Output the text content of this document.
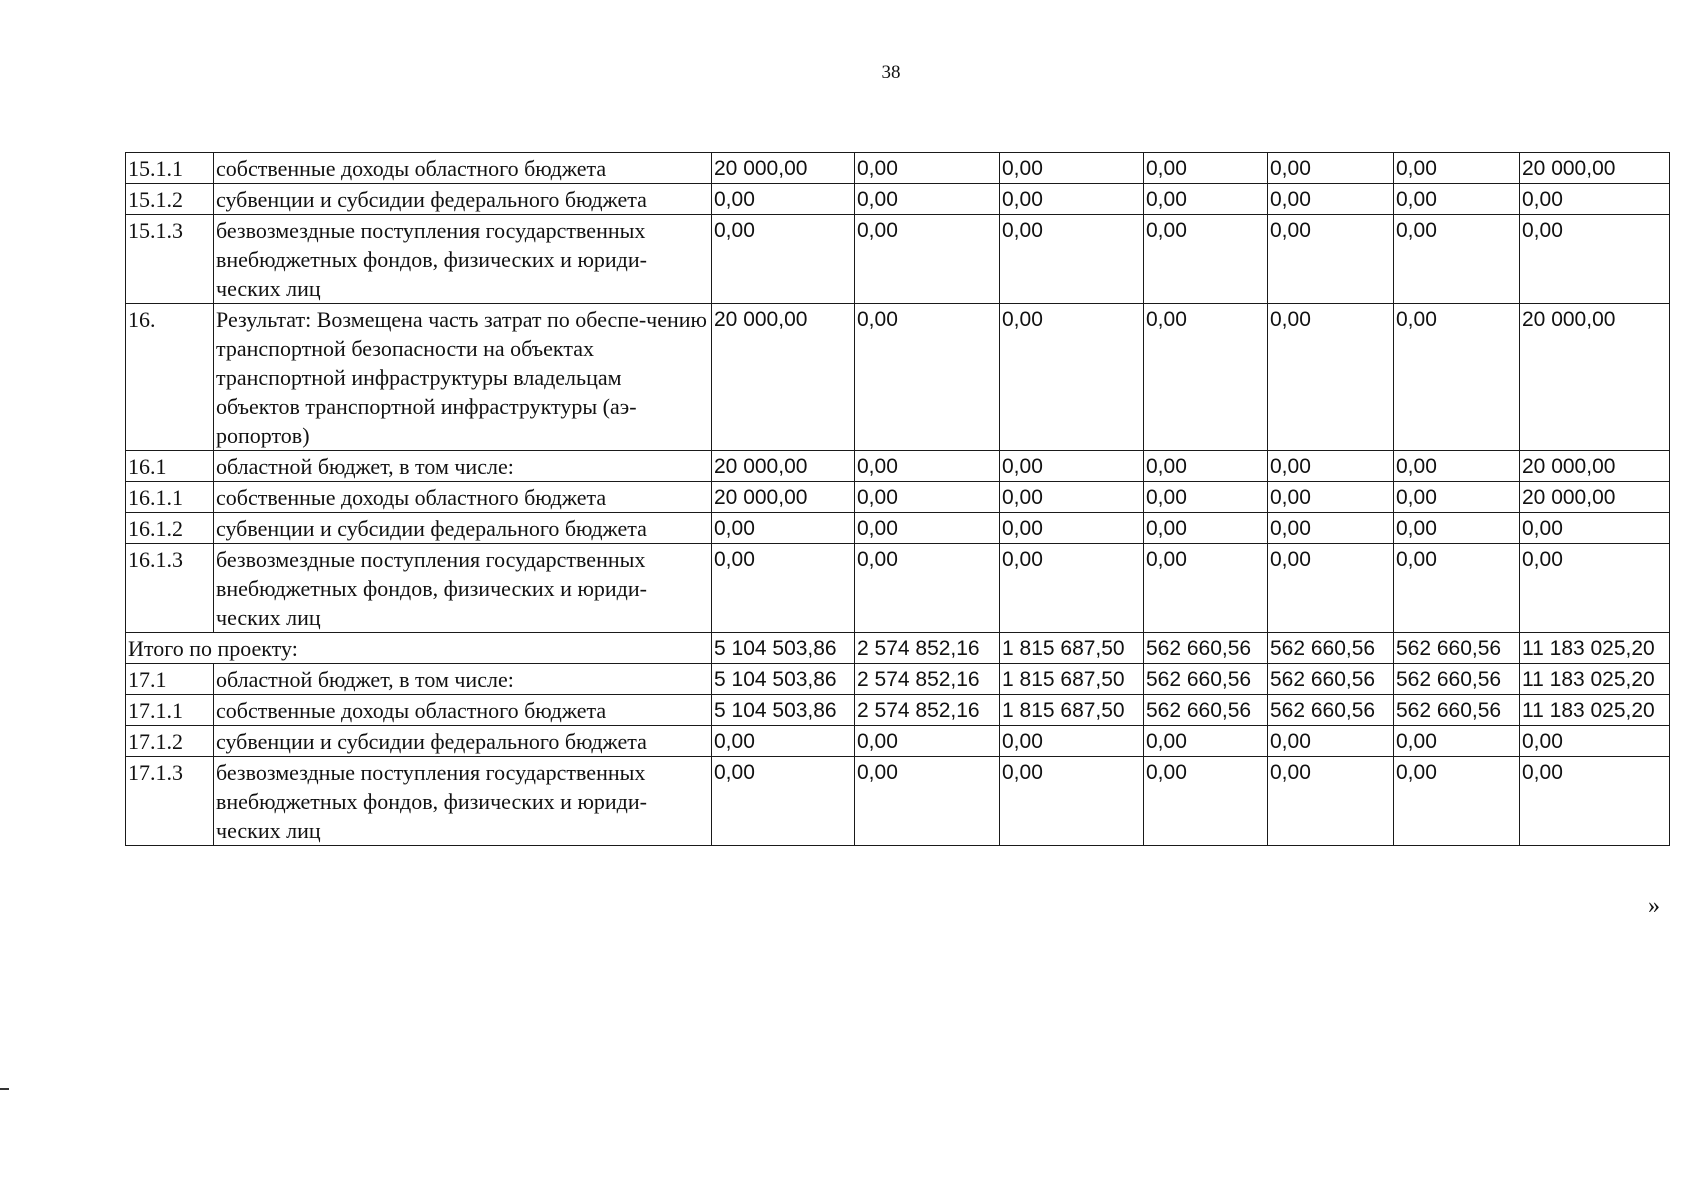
38
15.1.1	собственные доходы областного бюджета	20 000,00	0,00	0,00	0,00	0,00	0,00	20 000,00
15.1.2	субвенции и субсидии федерального бюджета	0,00	0,00	0,00	0,00	0,00	0,00	0,00
15.1.3	безвозмездные поступления государственных внебюджетных фондов, физических и юриди-ческих лиц	0,00	0,00	0,00	0,00	0,00	0,00	0,00
16.	Результат: Возмещена часть затрат по обеспе-чению транспортной безопасности на объектах транспортной инфраструктуры владельцам объектов транспортной инфраструктуры (аэ-ропортов)	20 000,00	0,00	0,00	0,00	0,00	0,00	20 000,00
16.1	областной бюджет, в том числе:	20 000,00	0,00	0,00	0,00	0,00	0,00	20 000,00
16.1.1	собственные доходы областного бюджета	20 000,00	0,00	0,00	0,00	0,00	0,00	20 000,00
16.1.2	субвенции и субсидии федерального бюджета	0,00	0,00	0,00	0,00	0,00	0,00	0,00
16.1.3	безвозмездные поступления государственных внебюджетных фондов, физических и юриди-ческих лиц	0,00	0,00	0,00	0,00	0,00	0,00	0,00
Итого по проекту:		5 104 503,86	2 574 852,16	1 815 687,50	562 660,56	562 660,56	562 660,56	11 183 025,20
17.1	областной бюджет, в том числе:	5 104 503,86	2 574 852,16	1 815 687,50	562 660,56	562 660,56	562 660,56	11 183 025,20
17.1.1	собственные доходы областного бюджета	5 104 503,86	2 574 852,16	1 815 687,50	562 660,56	562 660,56	562 660,56	11 183 025,20
17.1.2	субвенции и субсидии федерального бюджета	0,00	0,00	0,00	0,00	0,00	0,00	0,00
17.1.3	безвозмездные поступления государственных внебюджетных фондов, физических и юриди-ческих лиц	0,00	0,00	0,00	0,00	0,00	0,00	0,00
»
